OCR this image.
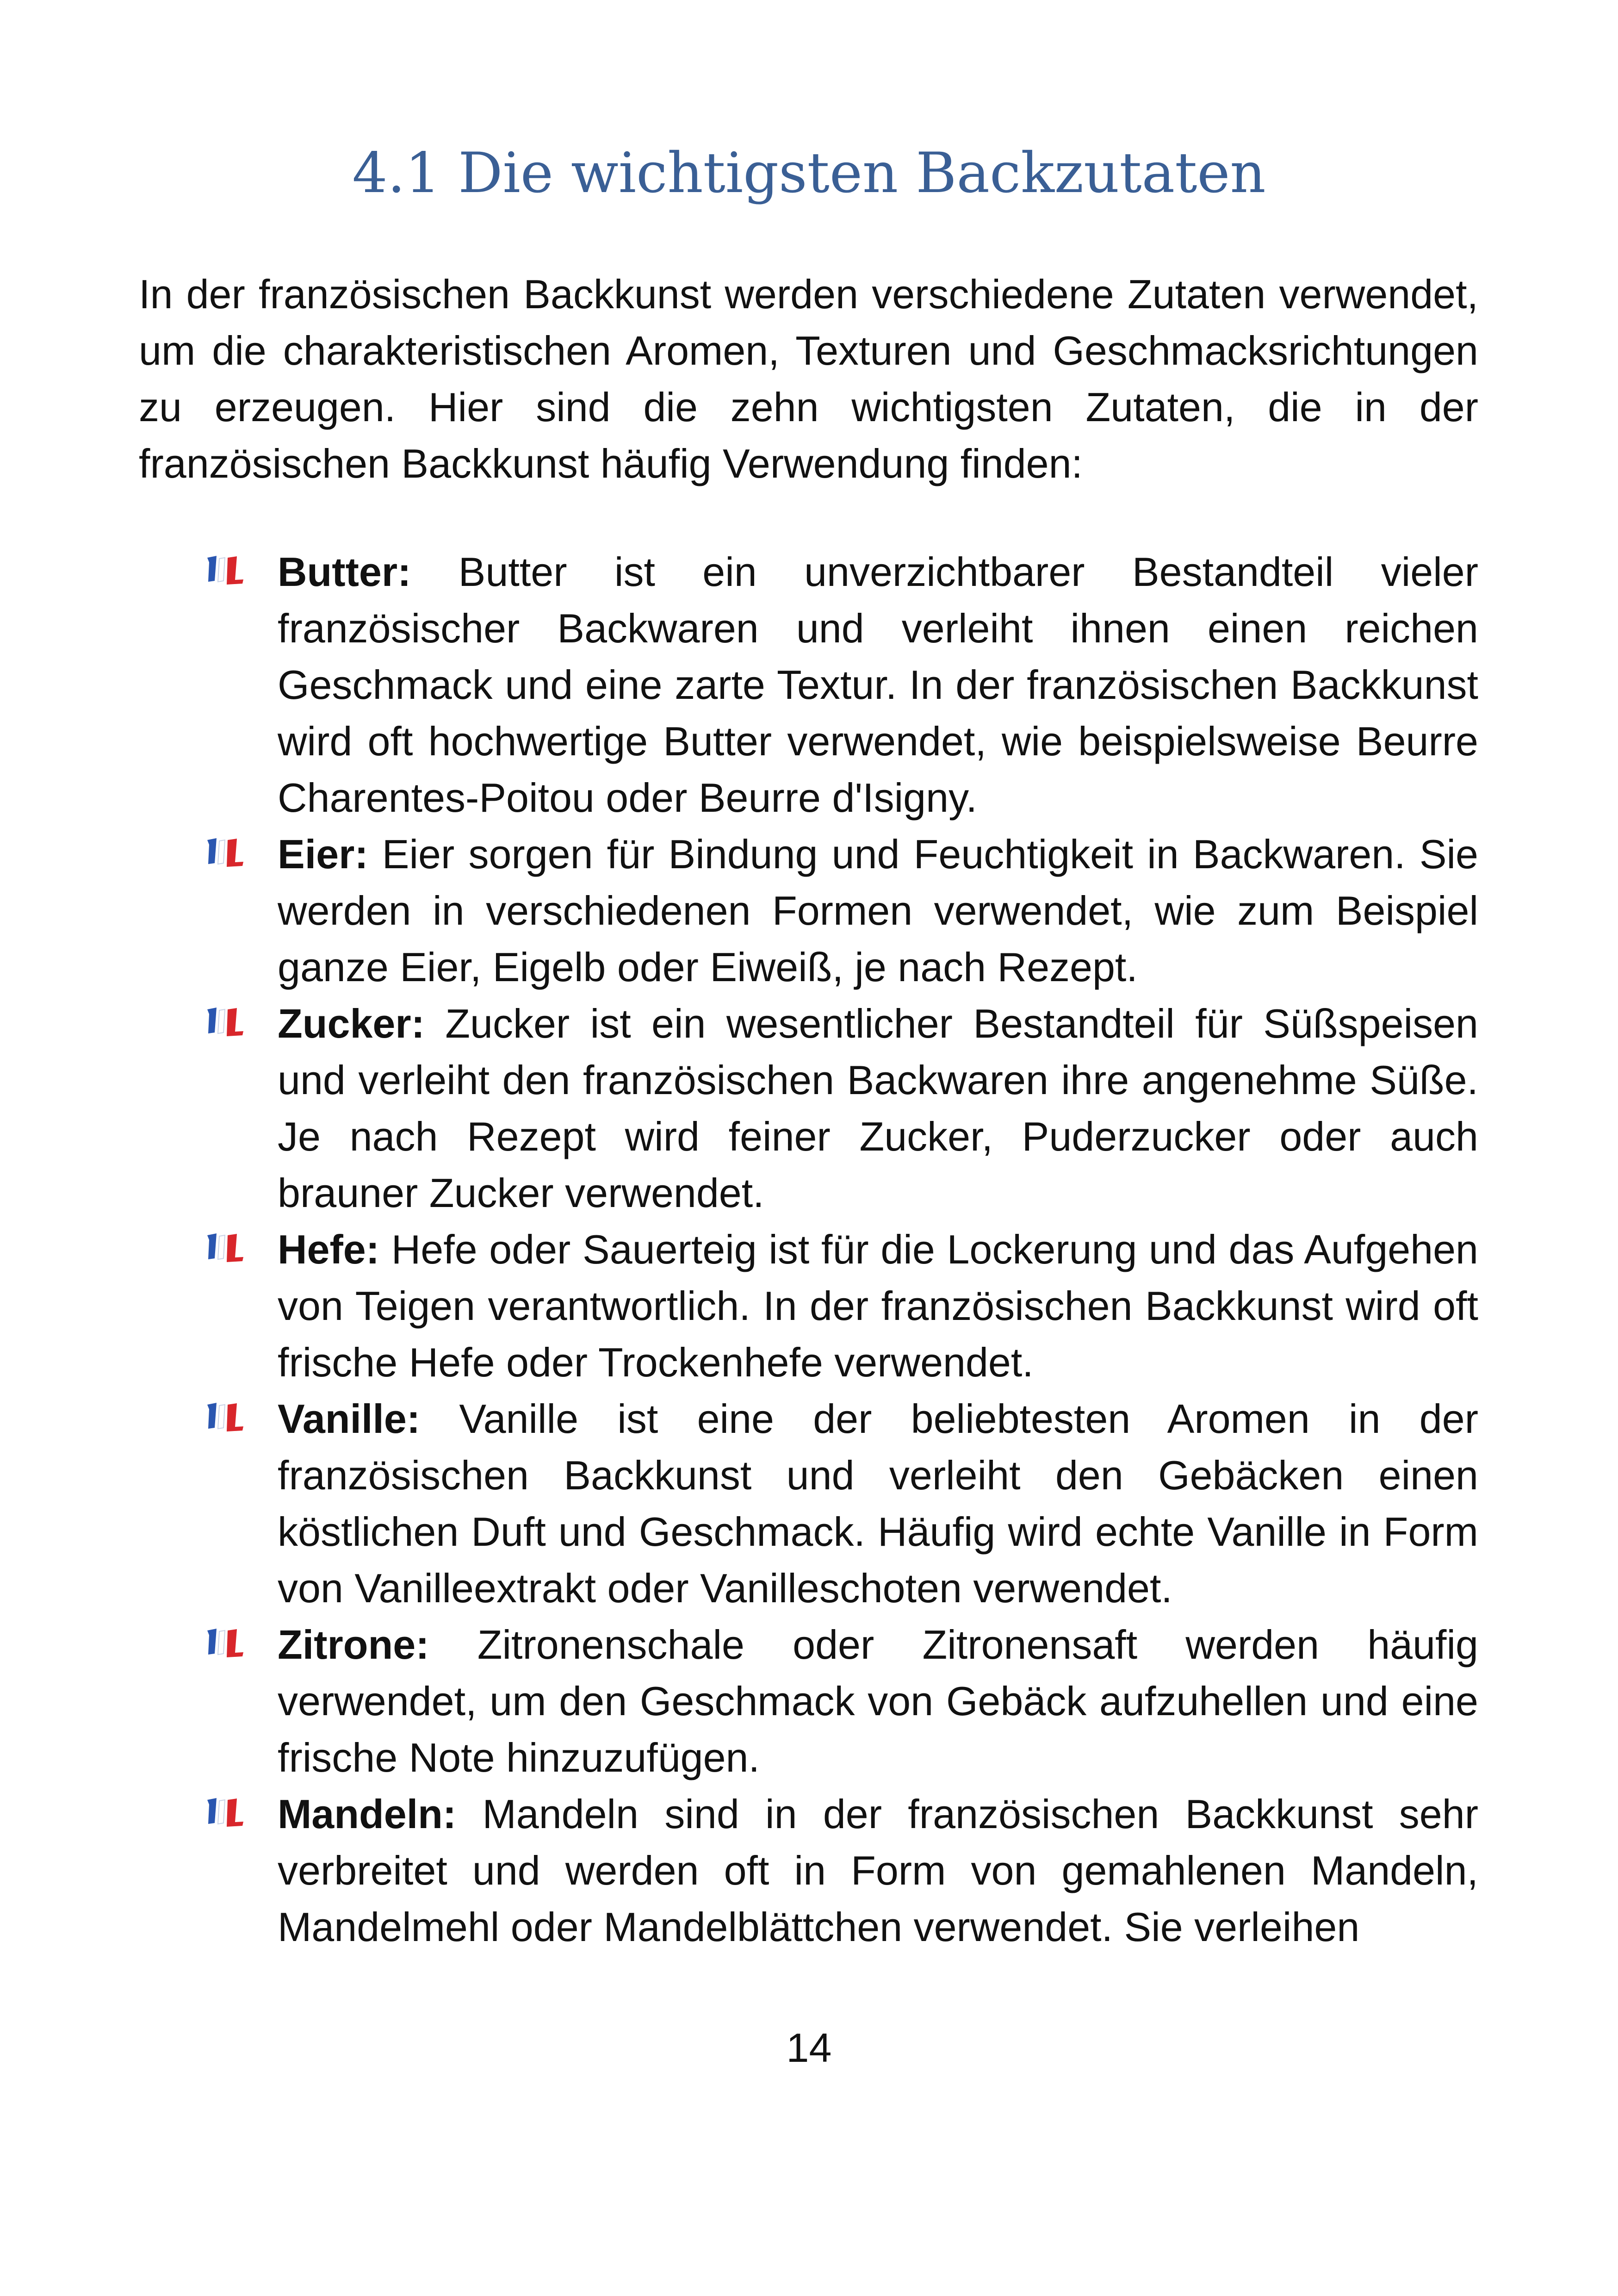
4.1 Die wichtigsten Backzutaten

In der französischen Backkunst werden verschiedene Zutaten verwendet, um die charakteristischen Aromen, Texturen und Geschmacksrichtungen zu erzeugen. Hier sind die zehn wichtigsten Zutaten, die in der französischen Backkunst häufig Verwendung finden:

Butter: Butter ist ein unverzichtbarer Bestandteil vieler französischer Backwaren und verleiht ihnen einen reichen Geschmack und eine zarte Textur. In der französischen Backkunst wird oft hochwertige Butter verwendet, wie beispielsweise Beurre Charentes-Poitou oder Beurre d'Isigny.
Eier: Eier sorgen für Bindung und Feuchtigkeit in Backwaren. Sie werden in verschiedenen Formen verwendet, wie zum Beispiel ganze Eier, Eigelb oder Eiweiß, je nach Rezept.
Zucker: Zucker ist ein wesentlicher Bestandteil für Süßspeisen und verleiht den französischen Backwaren ihre angenehme Süße. Je nach Rezept wird feiner Zucker, Puderzucker oder auch brauner Zucker verwendet.
Hefe: Hefe oder Sauerteig ist für die Lockerung und das Aufgehen von Teigen verantwortlich. In der französischen Backkunst wird oft frische Hefe oder Trockenhefe verwendet.
Vanille: Vanille ist eine der beliebtesten Aromen in der französischen Backkunst und verleiht den Gebäcken einen köstlichen Duft und Geschmack. Häufig wird echte Vanille in Form von Vanilleextrakt oder Vanilleschoten verwendet.
Zitrone: Zitronenschale oder Zitronensaft werden häufig verwendet, um den Geschmack von Gebäck aufzuhellen und eine frische Note hinzuzufügen.
Mandeln: Mandeln sind in der französischen Backkunst sehr verbreitet und werden oft in Form von gemahlenen Mandeln, Mandelmehl oder Mandelblättchen verwendet. Sie verleihen
14
